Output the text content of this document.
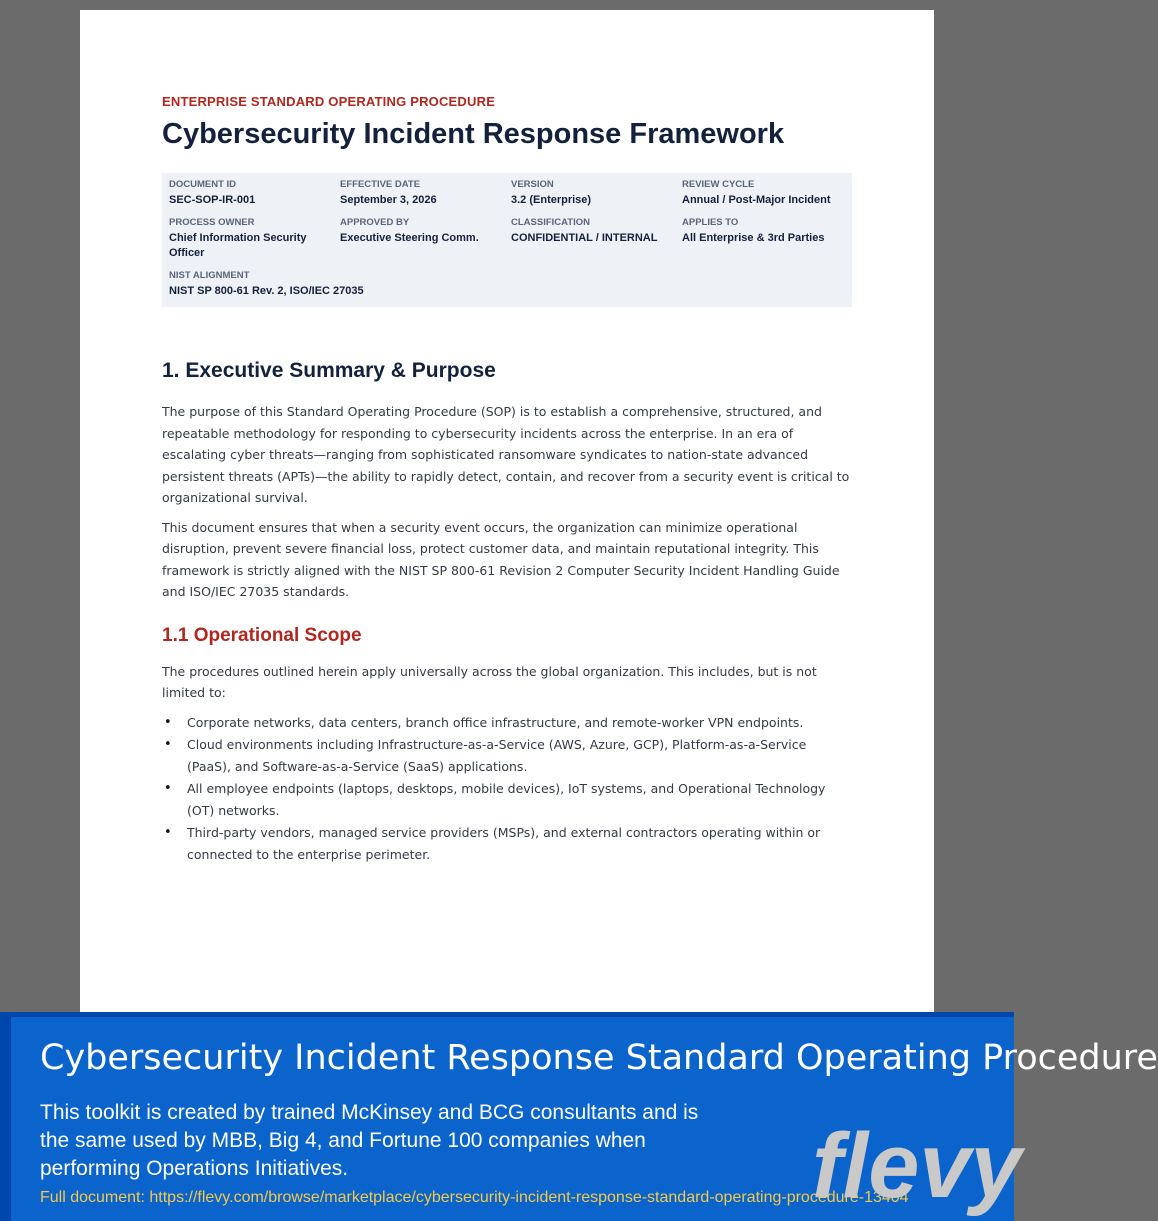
ENTERPRISE STANDARD OPERATING PROCEDURE
Cybersecurity Incident Response Framework
DOCUMENT ID
SEC-SOP-IR-001
EFFECTIVE DATE
September 3, 2026
VERSION
3.2 (Enterprise)
REVIEW CYCLE
Annual / Post-Major Incident
PROCESS OWNER
Chief Information Security Officer
APPROVED BY
Executive Steering Comm.
CLASSIFICATION
CONFIDENTIAL / INTERNAL
APPLIES TO
All Enterprise & 3rd Parties
NIST ALIGNMENT
NIST SP 800-61 Rev. 2, ISO/IEC 27035
1. Executive Summary & Purpose

The purpose of this Standard Operating Procedure (SOP) is to establish a comprehensive, structured, and repeatable methodology for responding to cybersecurity incidents across the enterprise. In an era of escalating cyber threats—ranging from sophisticated ransomware syndicates to nation-state advanced persistent threats (APTs)—the ability to rapidly detect, contain, and recover from a security event is critical to organizational survival.

This document ensures that when a security event occurs, the organization can minimize operational disruption, prevent severe financial loss, protect customer data, and maintain reputational integrity. This framework is strictly aligned with the NIST SP 800-61 Revision 2 Computer Security Incident Handling Guide and ISO/IEC 27035 standards.

1.1 Operational Scope

The procedures outlined herein apply universally across the global organization. This includes, but is not limited to:

• Corporate networks, data centers, branch office infrastructure, and remote-worker VPN endpoints.
• Cloud environments including Infrastructure-as-a-Service (AWS, Azure, GCP), Platform-as-a-Service (PaaS), and Software-as-a-Service (SaaS) applications.
• All employee endpoints (laptops, desktops, mobile devices), IoT systems, and Operational Technology (OT) networks.
• Third-party vendors, managed service providers (MSPs), and external contractors operating within or connected to the enterprise perimeter.
Cybersecurity Incident Response Standard Operating Procedure
This toolkit is created by trained McKinsey and BCG consultants and is the same used by MBB, Big 4, and Fortune 100 companies when performing Operations Initiatives.
Full document: https://flevy.com/browse/marketplace/cybersecurity-incident-response-standard-operating-procedure-13404
flevy
